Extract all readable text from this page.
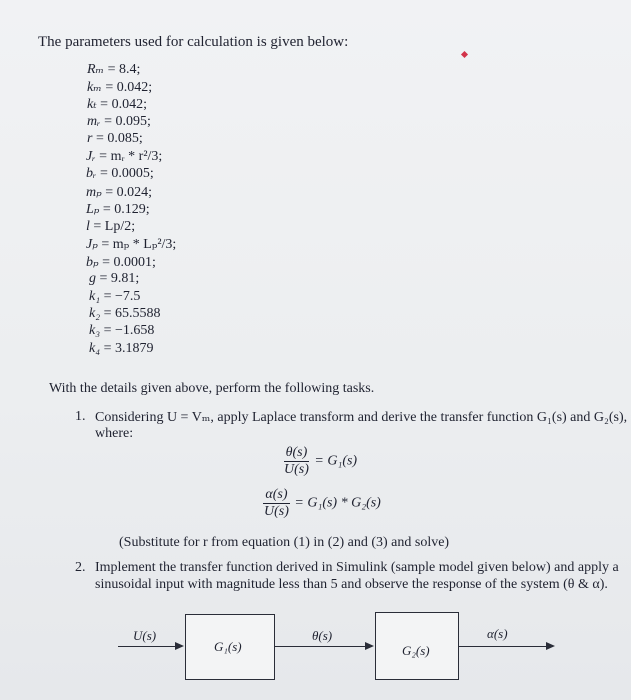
The parameters used for calculation is given below:
Rₘ = 8.4;
kₘ = 0.042;
kₜ = 0.042;
mᵣ = 0.095;
r = 0.085;
Jᵣ = mᵣ * r²/3;
bᵣ = 0.0005;
mₚ = 0.024;
Lₚ = 0.129;
l = Lp/2;
Jₚ = mₚ * Lₚ²/3;
bₚ = 0.0001;
g = 9.81;
k₁ = −7.5
k₂ = 65.5588
k₃ = −1.658
k₄ = 3.1879
With the details given above, perform the following tasks.
1. Considering U = Vₘ, apply Laplace transform and derive the transfer function G₁(s) and G₂(s),
where:
$\frac{\theta(s)}{U(s)} = G_1(s)$
$\frac{\alpha(s)}{U(s)} = G_1(s) * G_2(s)$
(Substitute for r from equation (1) in (2) and (3) and solve)
2. Implement the transfer function derived in Simulink (sample model given below) and apply a
sinusoidal input with magnitude less than 5 and observe the response of the system (θ & α).
U(s)
G₁(s)
θ(s)
G₂(s)
α(s)
